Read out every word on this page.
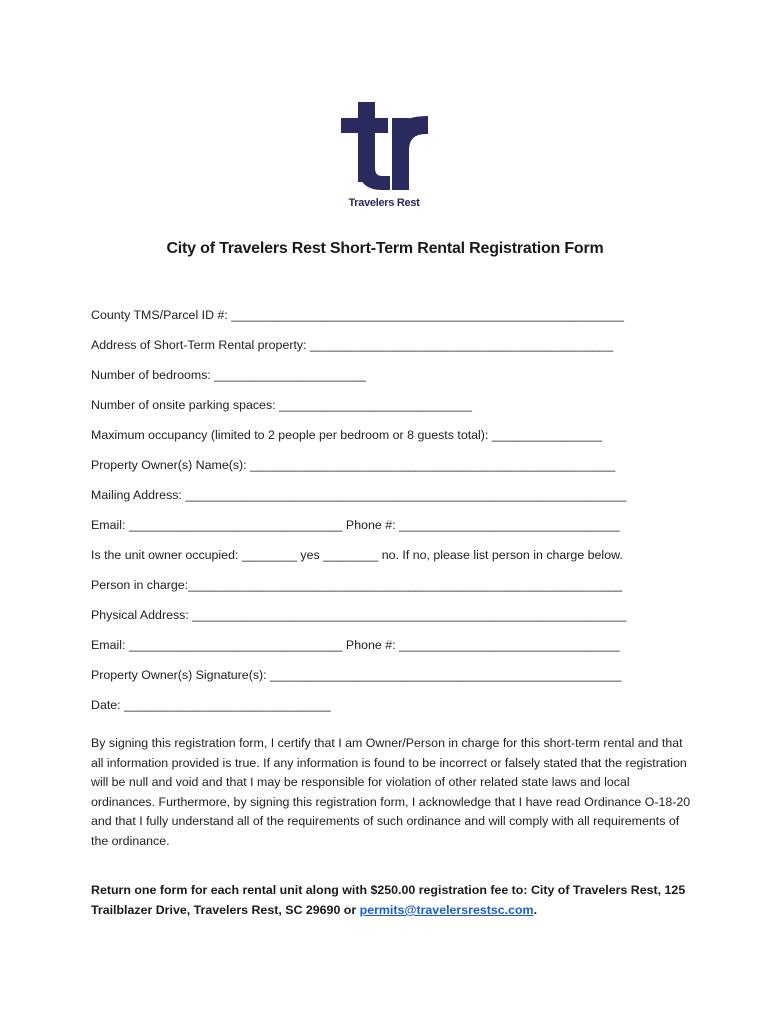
Travelers Rest
City of Travelers Rest Short-Term Rental Registration Form
County TMS/Parcel ID #: _________________________________________________________
Address of Short-Term Rental property: ____________________________________________
Number of bedrooms: ______________________
Number of onsite parking spaces: ____________________________
Maximum occupancy (limited to 2 people per bedroom or 8 guests total): ________________
Property Owner(s) Name(s): _____________________________________________________
Mailing Address: ________________________________________________________________
Email: _______________________________ Phone #: ________________________________
Is the unit owner occupied: ________ yes ________ no. If no, please list person in charge below.
Person in charge:_______________________________________________________________
Physical Address: _______________________________________________________________
Email: _______________________________ Phone #: ________________________________
Property Owner(s) Signature(s): ___________________________________________________
Date: ______________________________
By signing this registration form, I certify that I am Owner/Person in charge for this short-term rental and that all information provided is true. If any information is found to be incorrect or falsely stated that the registration will be null and void and that I may be responsible for violation of other related state laws and local ordinances. Furthermore, by signing this registration form, I acknowledge that I have read Ordinance O-18-20 and that I fully understand all of the requirements of such ordinance and will comply with all requirements of the ordinance.
Return one form for each rental unit along with $250.00 registration fee to: City of Travelers Rest, 125 Trailblazer Drive, Travelers Rest, SC 29690 or permits@travelersrestsc.com.
